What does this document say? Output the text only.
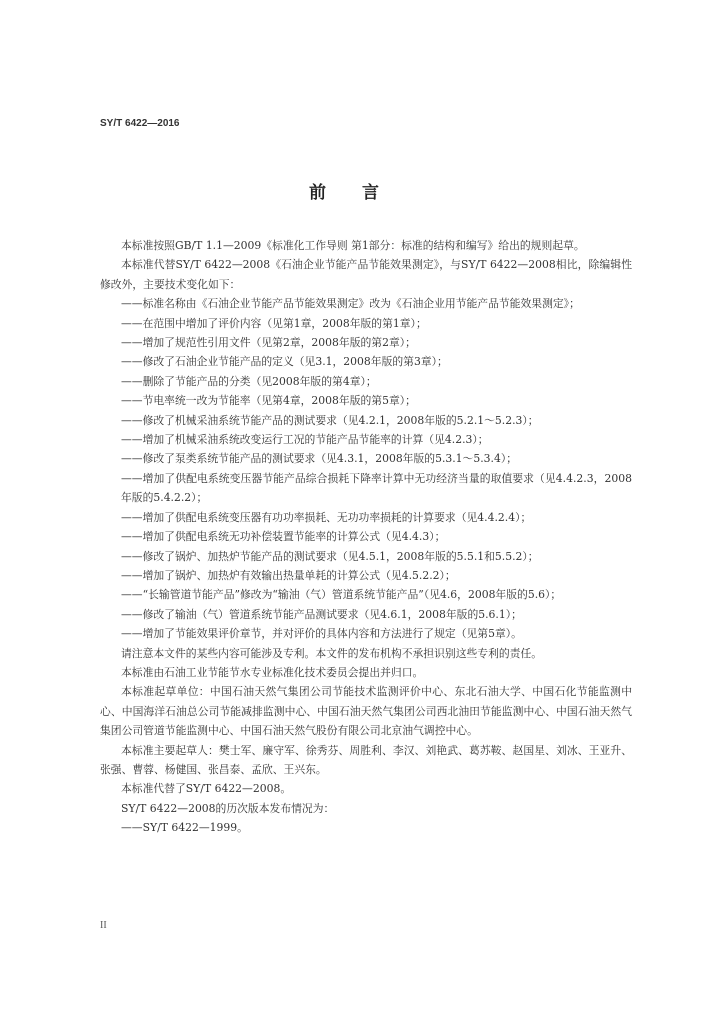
SY/T 6422—2016
前言

本标准按照GB/T 1.1—2009《标准化工作导则 第1部分：标准的结构和编写》给出的规则起草。

本标准代替SY/T 6422—2008《石油企业节能产品节能效果测定》，与SY/T 6422—2008相比，除编辑性修改外，主要技术变化如下：

——标准名称由《石油企业节能产品节能效果测定》改为《石油企业用节能产品节能效果测定》；

——在范围中增加了评价内容（见第1章，2008年版的第1章）；

——增加了规范性引用文件（见第2章，2008年版的第2章）；

——修改了石油企业节能产品的定义（见3.1，2008年版的第3章）；

——删除了节能产品的分类（见2008年版的第4章）；

——节电率统一改为节能率（见第4章，2008年版的第5章）；

——修改了机械采油系统节能产品的测试要求（见4.2.1，2008年版的5.2.1～5.2.3）；

——增加了机械采油系统改变运行工况的节能产品节能率的计算（见4.2.3）；

——修改了泵类系统节能产品的测试要求（见4.3.1，2008年版的5.3.1～5.3.4）；

——增加了供配电系统变压器节能产品综合损耗下降率计算中无功经济当量的取值要求（见4.4.2.3，2008年版的5.4.2.2）；

——增加了供配电系统变压器有功功率损耗、无功功率损耗的计算要求（见4.4.2.4）；

——增加了供配电系统无功补偿装置节能率的计算公式（见4.4.3）；

——修改了锅炉、加热炉节能产品的测试要求（见4.5.1，2008年版的5.5.1和5.5.2）；

——增加了锅炉、加热炉有效输出热量单耗的计算公式（见4.5.2.2）；

——“长输管道节能产品”修改为“输油（气）管道系统节能产品”（见4.6，2008年版的5.6）；

——修改了输油（气）管道系统节能产品测试要求（见4.6.1，2008年版的5.6.1）；

——增加了节能效果评价章节，并对评价的具体内容和方法进行了规定（见第5章）。

请注意本文件的某些内容可能涉及专利。本文件的发布机构不承担识别这些专利的责任。

本标准由石油工业节能节水专业标准化技术委员会提出并归口。

本标准起草单位：中国石油天然气集团公司节能技术监测评价中心、东北石油大学、中国石化节能监测中心、中国海洋石油总公司节能减排监测中心、中国石油天然气集团公司西北油田节能监测中心、中国石油天然气集团公司管道节能监测中心、中国石油天然气股份有限公司北京油气调控中心。

本标准主要起草人：樊士军、廉守军、徐秀芬、周胜利、李汉、刘艳武、葛苏鞍、赵国星、刘冰、王亚升、张强、曹蓉、杨健国、张昌泰、孟欣、王兴东。

本标准代替了SY/T 6422—2008。

SY/T 6422—2008的历次版本发布情况为：

——SY/T 6422—1999。

II
